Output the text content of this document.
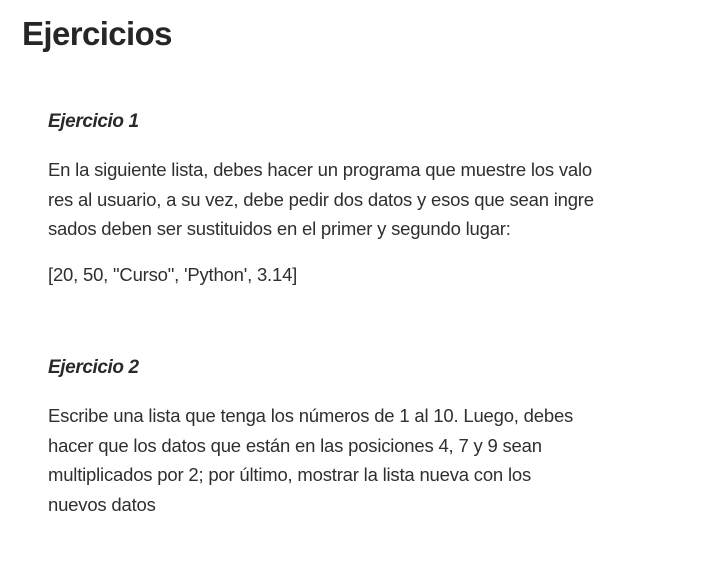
Ejercicios
Ejercicio 1

En la siguiente lista, debes hacer un programa que muestre los valo
res al usuario, a su vez, debe pedir dos datos y esos que sean ingre
sados deben ser sustituidos en el primer y segundo lugar:

[20, 50, "Curso", 'Python', 3.14]

Ejercicio 2

Escribe una lista que tenga los números de 1 al 10. Luego, debes
hacer que los datos que están en las posiciones 4, 7 y 9 sean
multiplicados por 2; por último, mostrar la lista nueva con los
nuevos datos
